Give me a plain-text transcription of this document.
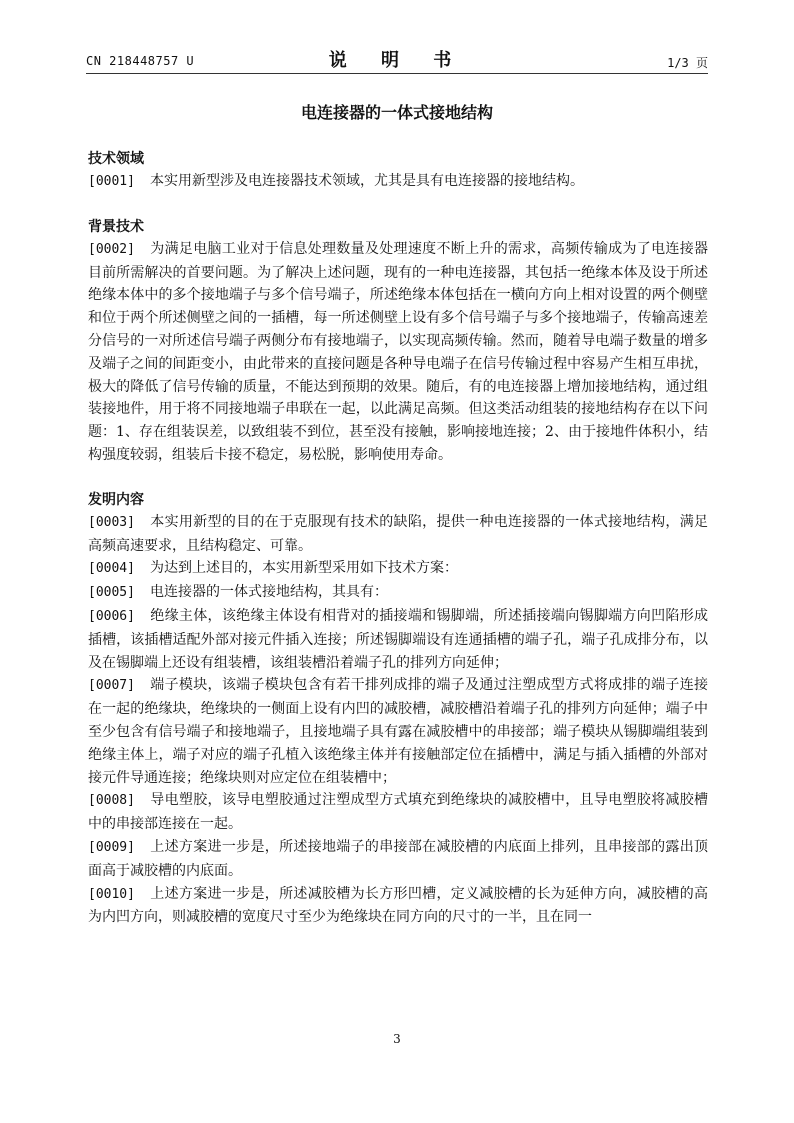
CN 218448757 U	说 明 书	1/3 页
电连接器的一体式接地结构
技术领域

[0001] 本实用新型涉及电连接器技术领域，尤其是具有电连接器的接地结构。

背景技术

[0002] 为满足电脑工业对于信息处理数量及处理速度不断上升的需求，高频传输成为了电连接器目前所需解决的首要问题。为了解决上述问题，现有的一种电连接器，其包括一绝缘本体及设于所述绝缘本体中的多个接地端子与多个信号端子，所述绝缘本体包括在一横向方向上相对设置的两个侧壁和位于两个所述侧壁之间的一插槽，每一所述侧壁上设有多个信号端子与多个接地端子，传输高速差分信号的一对所述信号端子两侧分布有接地端子，以实现高频传输。然而，随着导电端子数量的增多及端子之间的间距变小，由此带来的直接问题是各种导电端子在信号传输过程中容易产生相互串扰，极大的降低了信号传输的质量，不能达到预期的效果。随后，有的电连接器上增加接地结构，通过组装接地件，用于将不同接地端子串联在一起，以此满足高频。但这类活动组装的接地结构存在以下问题：1、存在组装误差，以致组装不到位，甚至没有接触，影响接地连接；2、由于接地件体积小，结构强度较弱，组装后卡接不稳定，易松脱，影响使用寿命。

发明内容

[0003] 本实用新型的目的在于克服现有技术的缺陷，提供一种电连接器的一体式接地结构，满足高频高速要求，且结构稳定、可靠。

[0004] 为达到上述目的，本实用新型采用如下技术方案：

[0005] 电连接器的一体式接地结构，其具有：

[0006] 绝缘主体，该绝缘主体设有相背对的插接端和锡脚端，所述插接端向锡脚端方向凹陷形成插槽，该插槽适配外部对接元件插入连接；所述锡脚端设有连通插槽的端子孔，端子孔成排分布，以及在锡脚端上还设有组装槽，该组装槽沿着端子孔的排列方向延伸；

[0007] 端子模块，该端子模块包含有若干排列成排的端子及通过注塑成型方式将成排的端子连接在一起的绝缘块，绝缘块的一侧面上设有内凹的减胶槽，减胶槽沿着端子孔的排列方向延伸；端子中至少包含有信号端子和接地端子，且接地端子具有露在减胶槽中的串接部；端子模块从锡脚端组装到绝缘主体上，端子对应的端子孔植入该绝缘主体并有接触部定位在插槽中，满足与插入插槽的外部对接元件导通连接；绝缘块则对应定位在组装槽中；

[0008] 导电塑胶，该导电塑胶通过注塑成型方式填充到绝缘块的减胶槽中，且导电塑胶将减胶槽中的串接部连接在一起。

[0009] 上述方案进一步是，所述接地端子的串接部在减胶槽的内底面上排列，且串接部的露出顶面高于减胶槽的内底面。

[0010] 上述方案进一步是，所述减胶槽为长方形凹槽，定义减胶槽的长为延伸方向，减胶槽的高为内凹方向，则减胶槽的宽度尺寸至少为绝缘块在同方向的尺寸的一半，且在同一

3
